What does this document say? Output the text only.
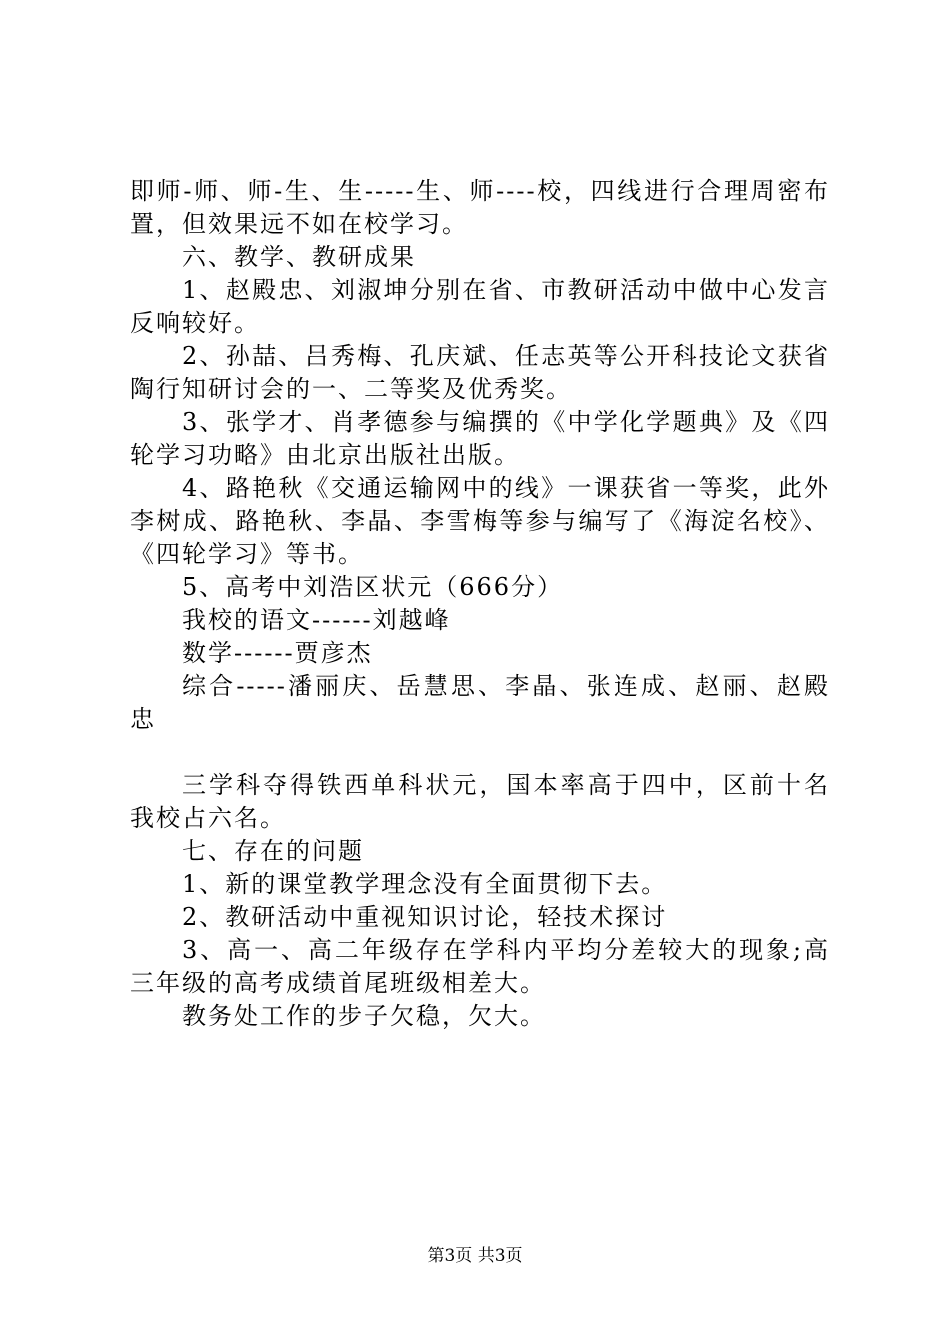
即师-师、师-生、生-----生、师----校，四线进行合理周密布置，但效果远不如在校学习。

六、教学、教研成果

1、赵殿忠、刘淑坤分别在省、市教研活动中做中心发言反响较好。

2、孙喆、吕秀梅、孔庆斌、任志英等公开科技论文获省陶行知研讨会的一、二等奖及优秀奖。

3、张学才、肖孝德参与编撰的《中学化学题典》及《四轮学习功略》由北京出版社出版。

4、路艳秋《交通运输网中的线》一课获省一等奖，此外李树成、路艳秋、李晶、李雪梅等参与编写了《海淀名校》、《四轮学习》等书。

5、高考中刘浩区状元（666分）

我校的语文------刘越峰

数学------贾彦杰

综合-----潘丽庆、岳慧思、李晶、张连成、赵丽、赵殿忠

三学科夺得铁西单科状元，国本率高于四中，区前十名我校占六名。

七、存在的问题

1、新的课堂教学理念没有全面贯彻下去。

2、教研活动中重视知识讨论，轻技术探讨

3、高一、高二年级存在学科内平均分差较大的现象;高三年级的高考成绩首尾班级相差大。

教务处工作的步子欠稳，欠大。

第3页 共3页
